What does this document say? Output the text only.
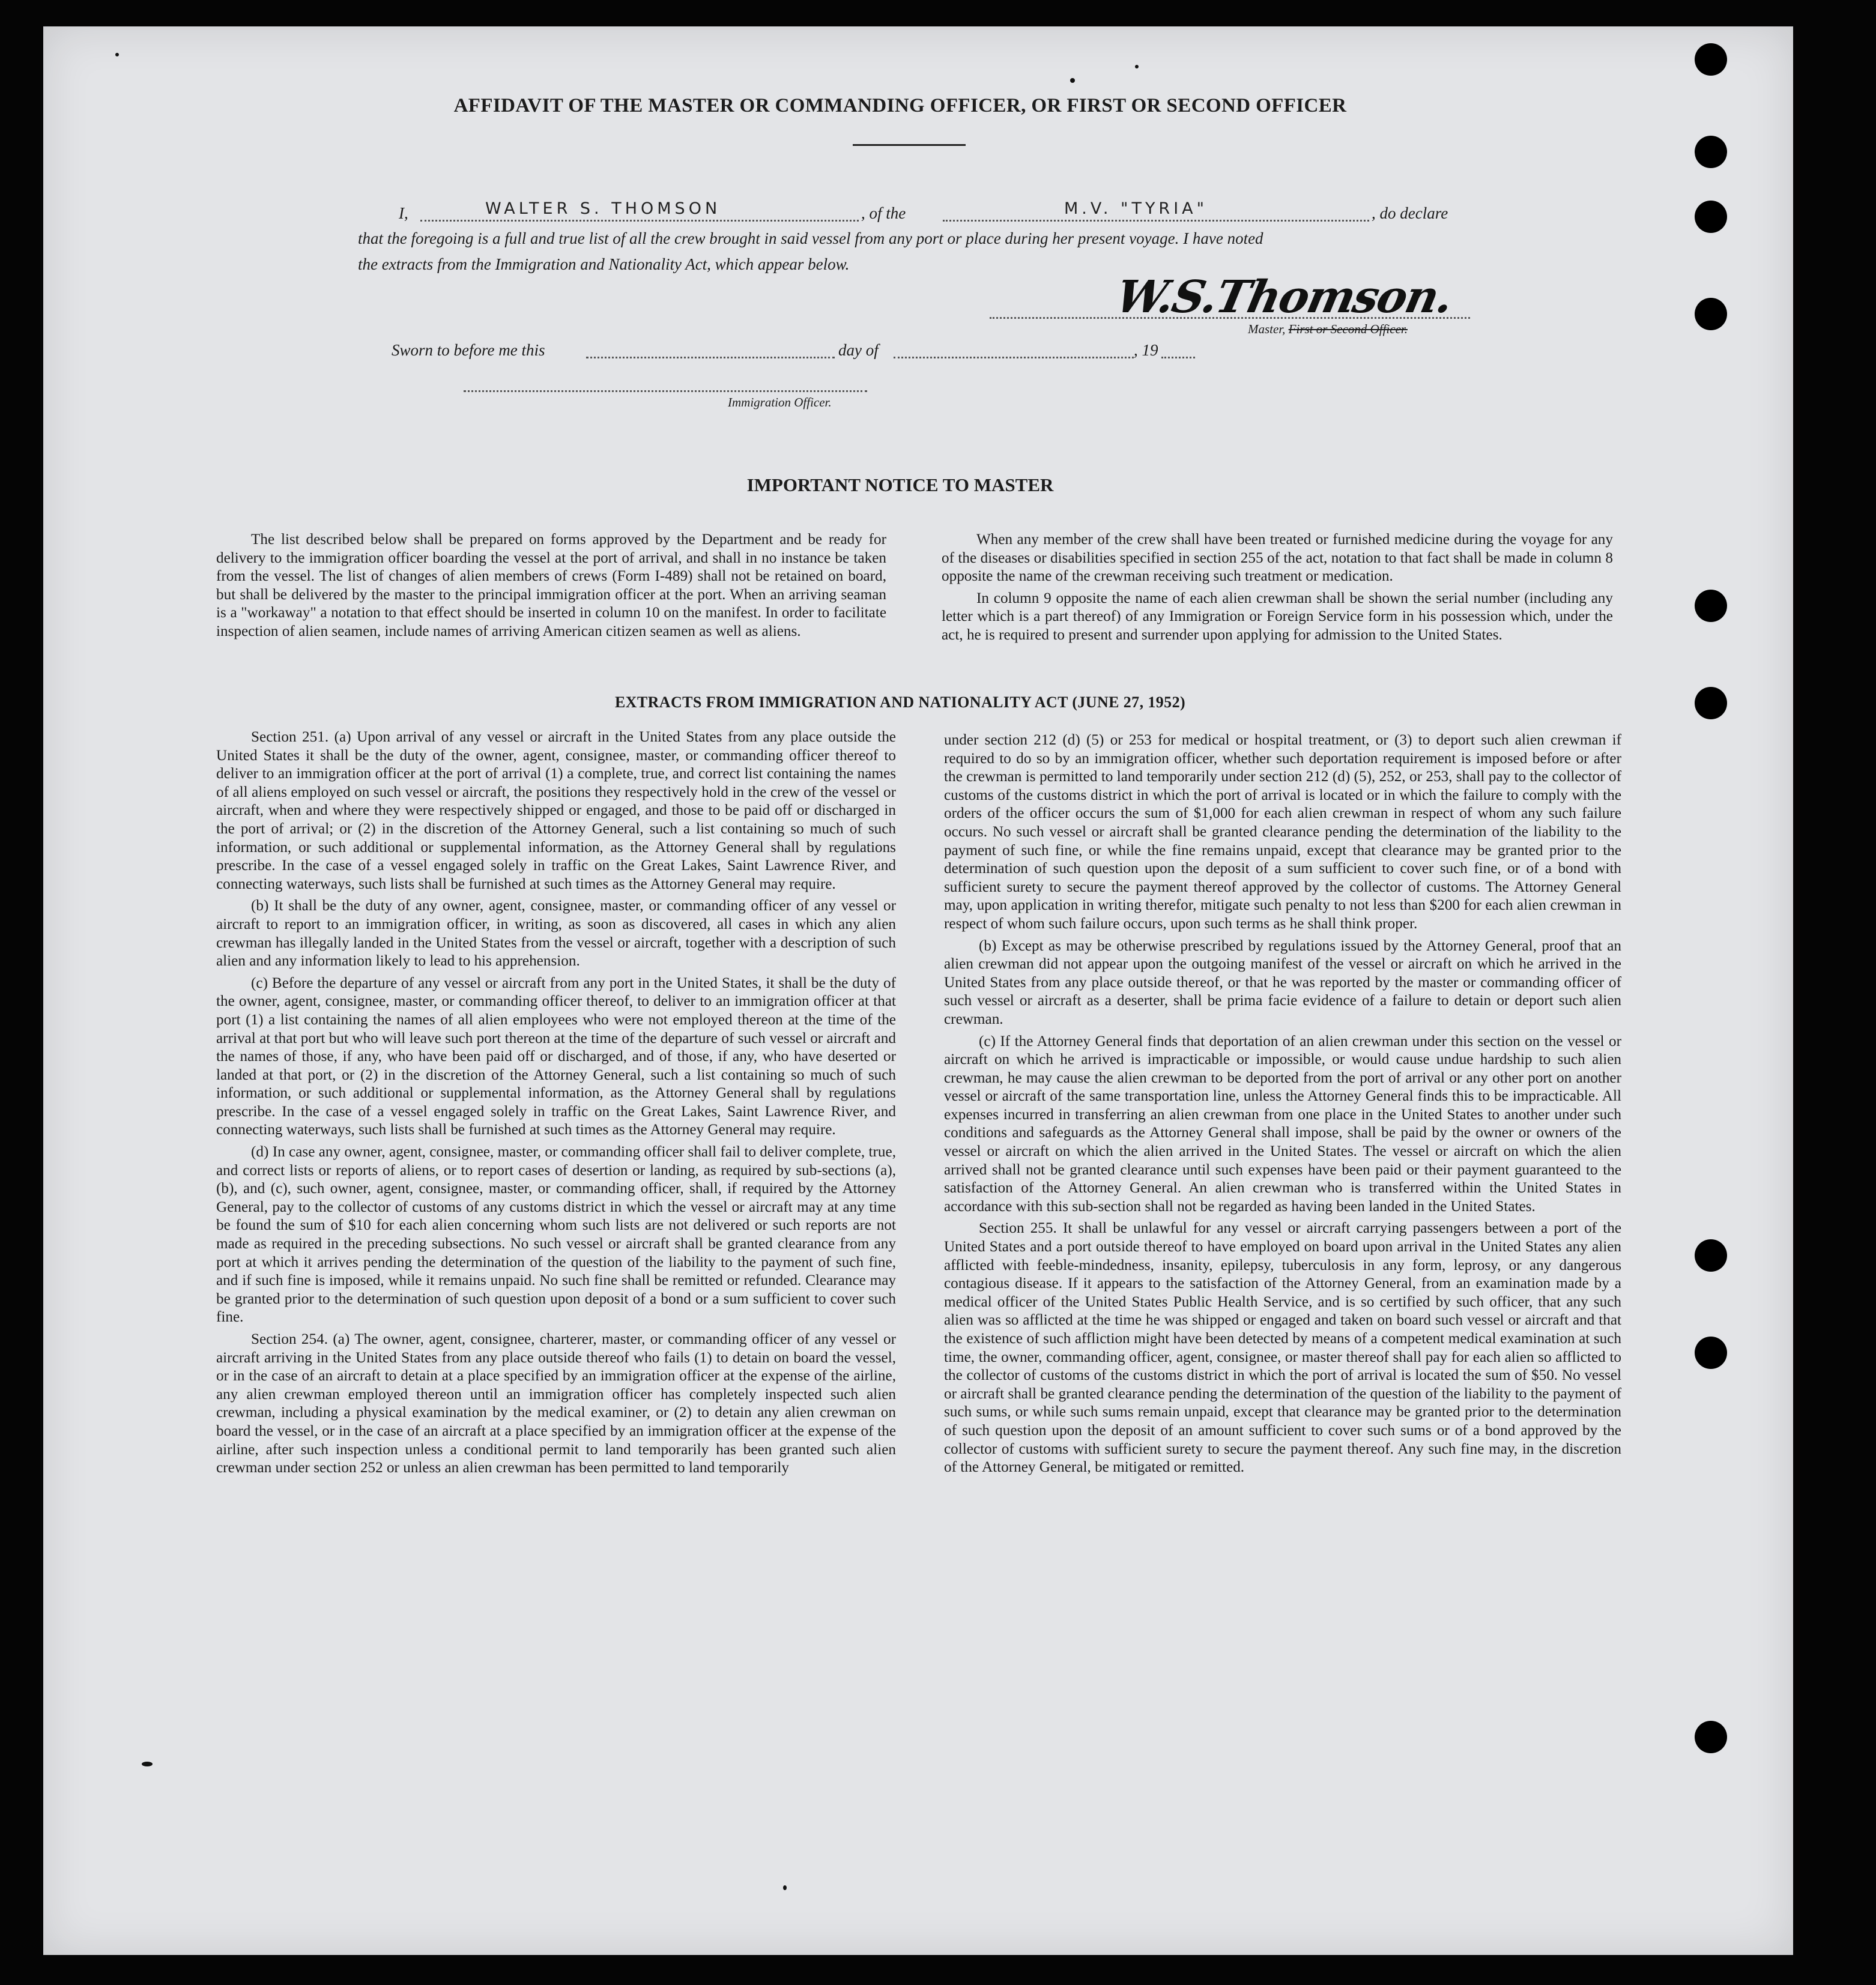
AFFIDAVIT OF THE MASTER OR COMMANDING OFFICER, OR FIRST OR SECOND OFFICER
I,	WALTER S. THOMSON	, of the	M.V. "TYRIA"	, do declare
that the foregoing is a full and true list of all the crew brought in said vessel from any port or place during her present voyage. I have noted
the extracts from the Immigration and Nationality Act, which appear below.
W.S.Thomson.
Master, First or Second Officer.
Sworn to before me this	day of	, 19
Immigration Officer.
IMPORTANT NOTICE TO MASTER

The list described below shall be prepared on forms approved by the Department and be ready for delivery to the immigration officer boarding the vessel at the port of arrival, and shall in no instance be taken from the vessel. The list of changes of alien members of crews (Form I-489) shall not be retained on board, but shall be delivered by the master to the principal immigration officer at the port. When an arriving seaman is a "workaway" a notation to that effect should be inserted in column 10 on the manifest. In order to facilitate inspection of alien seamen, include names of arriving American citizen seamen as well as aliens.

When any member of the crew shall have been treated or furnished medicine during the voyage for any of the diseases or disabilities specified in section 255 of the act, notation to that fact shall be made in column 8 opposite the name of the crewman receiving such treatment or medication.

In column 9 opposite the name of each alien crewman shall be shown the serial number (including any letter which is a part thereof) of any Immigration or Foreign Service form in his possession which, under the act, he is required to present and surrender upon applying for admission to the United States.

EXTRACTS FROM IMMIGRATION AND NATIONALITY ACT (JUNE 27, 1952)

Section 251. (a) Upon arrival of any vessel or aircraft in the United States from any place outside the United States it shall be the duty of the owner, agent, consignee, master, or commanding officer thereof to deliver to an immigration officer at the port of arrival (1) a complete, true, and correct list containing the names of all aliens employed on such vessel or aircraft, the positions they respectively hold in the crew of the vessel or aircraft, when and where they were respectively shipped or engaged, and those to be paid off or discharged in the port of arrival; or (2) in the discretion of the Attorney General, such a list containing so much of such information, or such additional or supplemental information, as the Attorney General shall by regulations prescribe. In the case of a vessel engaged solely in traffic on the Great Lakes, Saint Lawrence River, and connecting waterways, such lists shall be furnished at such times as the Attorney General may require.

(b) It shall be the duty of any owner, agent, consignee, master, or commanding officer of any vessel or aircraft to report to an immigration officer, in writing, as soon as discovered, all cases in which any alien crewman has illegally landed in the United States from the vessel or aircraft, together with a description of such alien and any information likely to lead to his apprehension.

(c) Before the departure of any vessel or aircraft from any port in the United States, it shall be the duty of the owner, agent, consignee, master, or commanding officer thereof, to deliver to an immigration officer at that port (1) a list containing the names of all alien employees who were not employed thereon at the time of the arrival at that port but who will leave such port thereon at the time of the departure of such vessel or aircraft and the names of those, if any, who have been paid off or discharged, and of those, if any, who have deserted or landed at that port, or (2) in the discretion of the Attorney General, such a list containing so much of such information, or such additional or supplemental information, as the Attorney General shall by regulations prescribe. In the case of a vessel engaged solely in traffic on the Great Lakes, Saint Lawrence River, and connecting waterways, such lists shall be furnished at such times as the Attorney General may require.

(d) In case any owner, agent, consignee, master, or commanding officer shall fail to deliver complete, true, and correct lists or reports of aliens, or to report cases of desertion or landing, as required by sub-sections (a), (b), and (c), such owner, agent, consignee, master, or commanding officer, shall, if required by the Attorney General, pay to the collector of customs of any customs district in which the vessel or aircraft may at any time be found the sum of $10 for each alien concerning whom such lists are not delivered or such reports are not made as required in the preceding subsections. No such vessel or aircraft shall be granted clearance from any port at which it arrives pending the determination of the question of the liability to the payment of such fine, and if such fine is imposed, while it remains unpaid. No such fine shall be remitted or refunded. Clearance may be granted prior to the determination of such question upon deposit of a bond or a sum sufficient to cover such fine.

Section 254. (a) The owner, agent, consignee, charterer, master, or commanding officer of any vessel or aircraft arriving in the United States from any place outside thereof who fails (1) to detain on board the vessel, or in the case of an aircraft to detain at a place specified by an immigration officer at the expense of the airline, any alien crewman employed thereon until an immigration officer has completely inspected such alien crewman, including a physical examination by the medical examiner, or (2) to detain any alien crewman on board the vessel, or in the case of an aircraft at a place specified by an immigration officer at the expense of the airline, after such inspection unless a conditional permit to land temporarily has been granted such alien crewman under section 252 or unless an alien crewman has been permitted to land temporarily

under section 212 (d) (5) or 253 for medical or hospital treatment, or (3) to deport such alien crewman if required to do so by an immigration officer, whether such deportation requirement is imposed before or after the crewman is permitted to land temporarily under section 212 (d) (5), 252, or 253, shall pay to the collector of customs of the customs district in which the port of arrival is located or in which the failure to comply with the orders of the officer occurs the sum of $1,000 for each alien crewman in respect of whom any such failure occurs. No such vessel or aircraft shall be granted clearance pending the determination of the liability to the payment of such fine, or while the fine remains unpaid, except that clearance may be granted prior to the determination of such question upon the deposit of a sum sufficient to cover such fine, or of a bond with sufficient surety to secure the payment thereof approved by the collector of customs. The Attorney General may, upon application in writing therefor, mitigate such penalty to not less than $200 for each alien crewman in respect of whom such failure occurs, upon such terms as he shall think proper.

(b) Except as may be otherwise prescribed by regulations issued by the Attorney General, proof that an alien crewman did not appear upon the outgoing manifest of the vessel or aircraft on which he arrived in the United States from any place outside thereof, or that he was reported by the master or commanding officer of such vessel or aircraft as a deserter, shall be prima facie evidence of a failure to detain or deport such alien crewman.

(c) If the Attorney General finds that deportation of an alien crewman under this section on the vessel or aircraft on which he arrived is impracticable or impossible, or would cause undue hardship to such alien crewman, he may cause the alien crewman to be deported from the port of arrival or any other port on another vessel or aircraft of the same transportation line, unless the Attorney General finds this to be impracticable. All expenses incurred in transferring an alien crewman from one place in the United States to another under such conditions and safeguards as the Attorney General shall impose, shall be paid by the owner or owners of the vessel or aircraft on which the alien arrived in the United States. The vessel or aircraft on which the alien arrived shall not be granted clearance until such expenses have been paid or their payment guaranteed to the satisfaction of the Attorney General. An alien crewman who is transferred within the United States in accordance with this sub-section shall not be regarded as having been landed in the United States.

Section 255. It shall be unlawful for any vessel or aircraft carrying passengers between a port of the United States and a port outside thereof to have employed on board upon arrival in the United States any alien afflicted with feeble-mindedness, insanity, epilepsy, tuberculosis in any form, leprosy, or any dangerous contagious disease. If it appears to the satisfaction of the Attorney General, from an examination made by a medical officer of the United States Public Health Service, and is so certified by such officer, that any such alien was so afflicted at the time he was shipped or engaged and taken on board such vessel or aircraft and that the existence of such affliction might have been detected by means of a competent medical examination at such time, the owner, commanding officer, agent, consignee, or master thereof shall pay for each alien so afflicted to the collector of customs of the customs district in which the port of arrival is located the sum of $50. No vessel or aircraft shall be granted clearance pending the determination of the question of the liability to the payment of such sums, or while such sums remain unpaid, except that clearance may be granted prior to the determination of such question upon the deposit of an amount sufficient to cover such sums or of a bond approved by the collector of customs with sufficient surety to secure the payment thereof. Any such fine may, in the discretion of the Attorney General, be mitigated or remitted.
